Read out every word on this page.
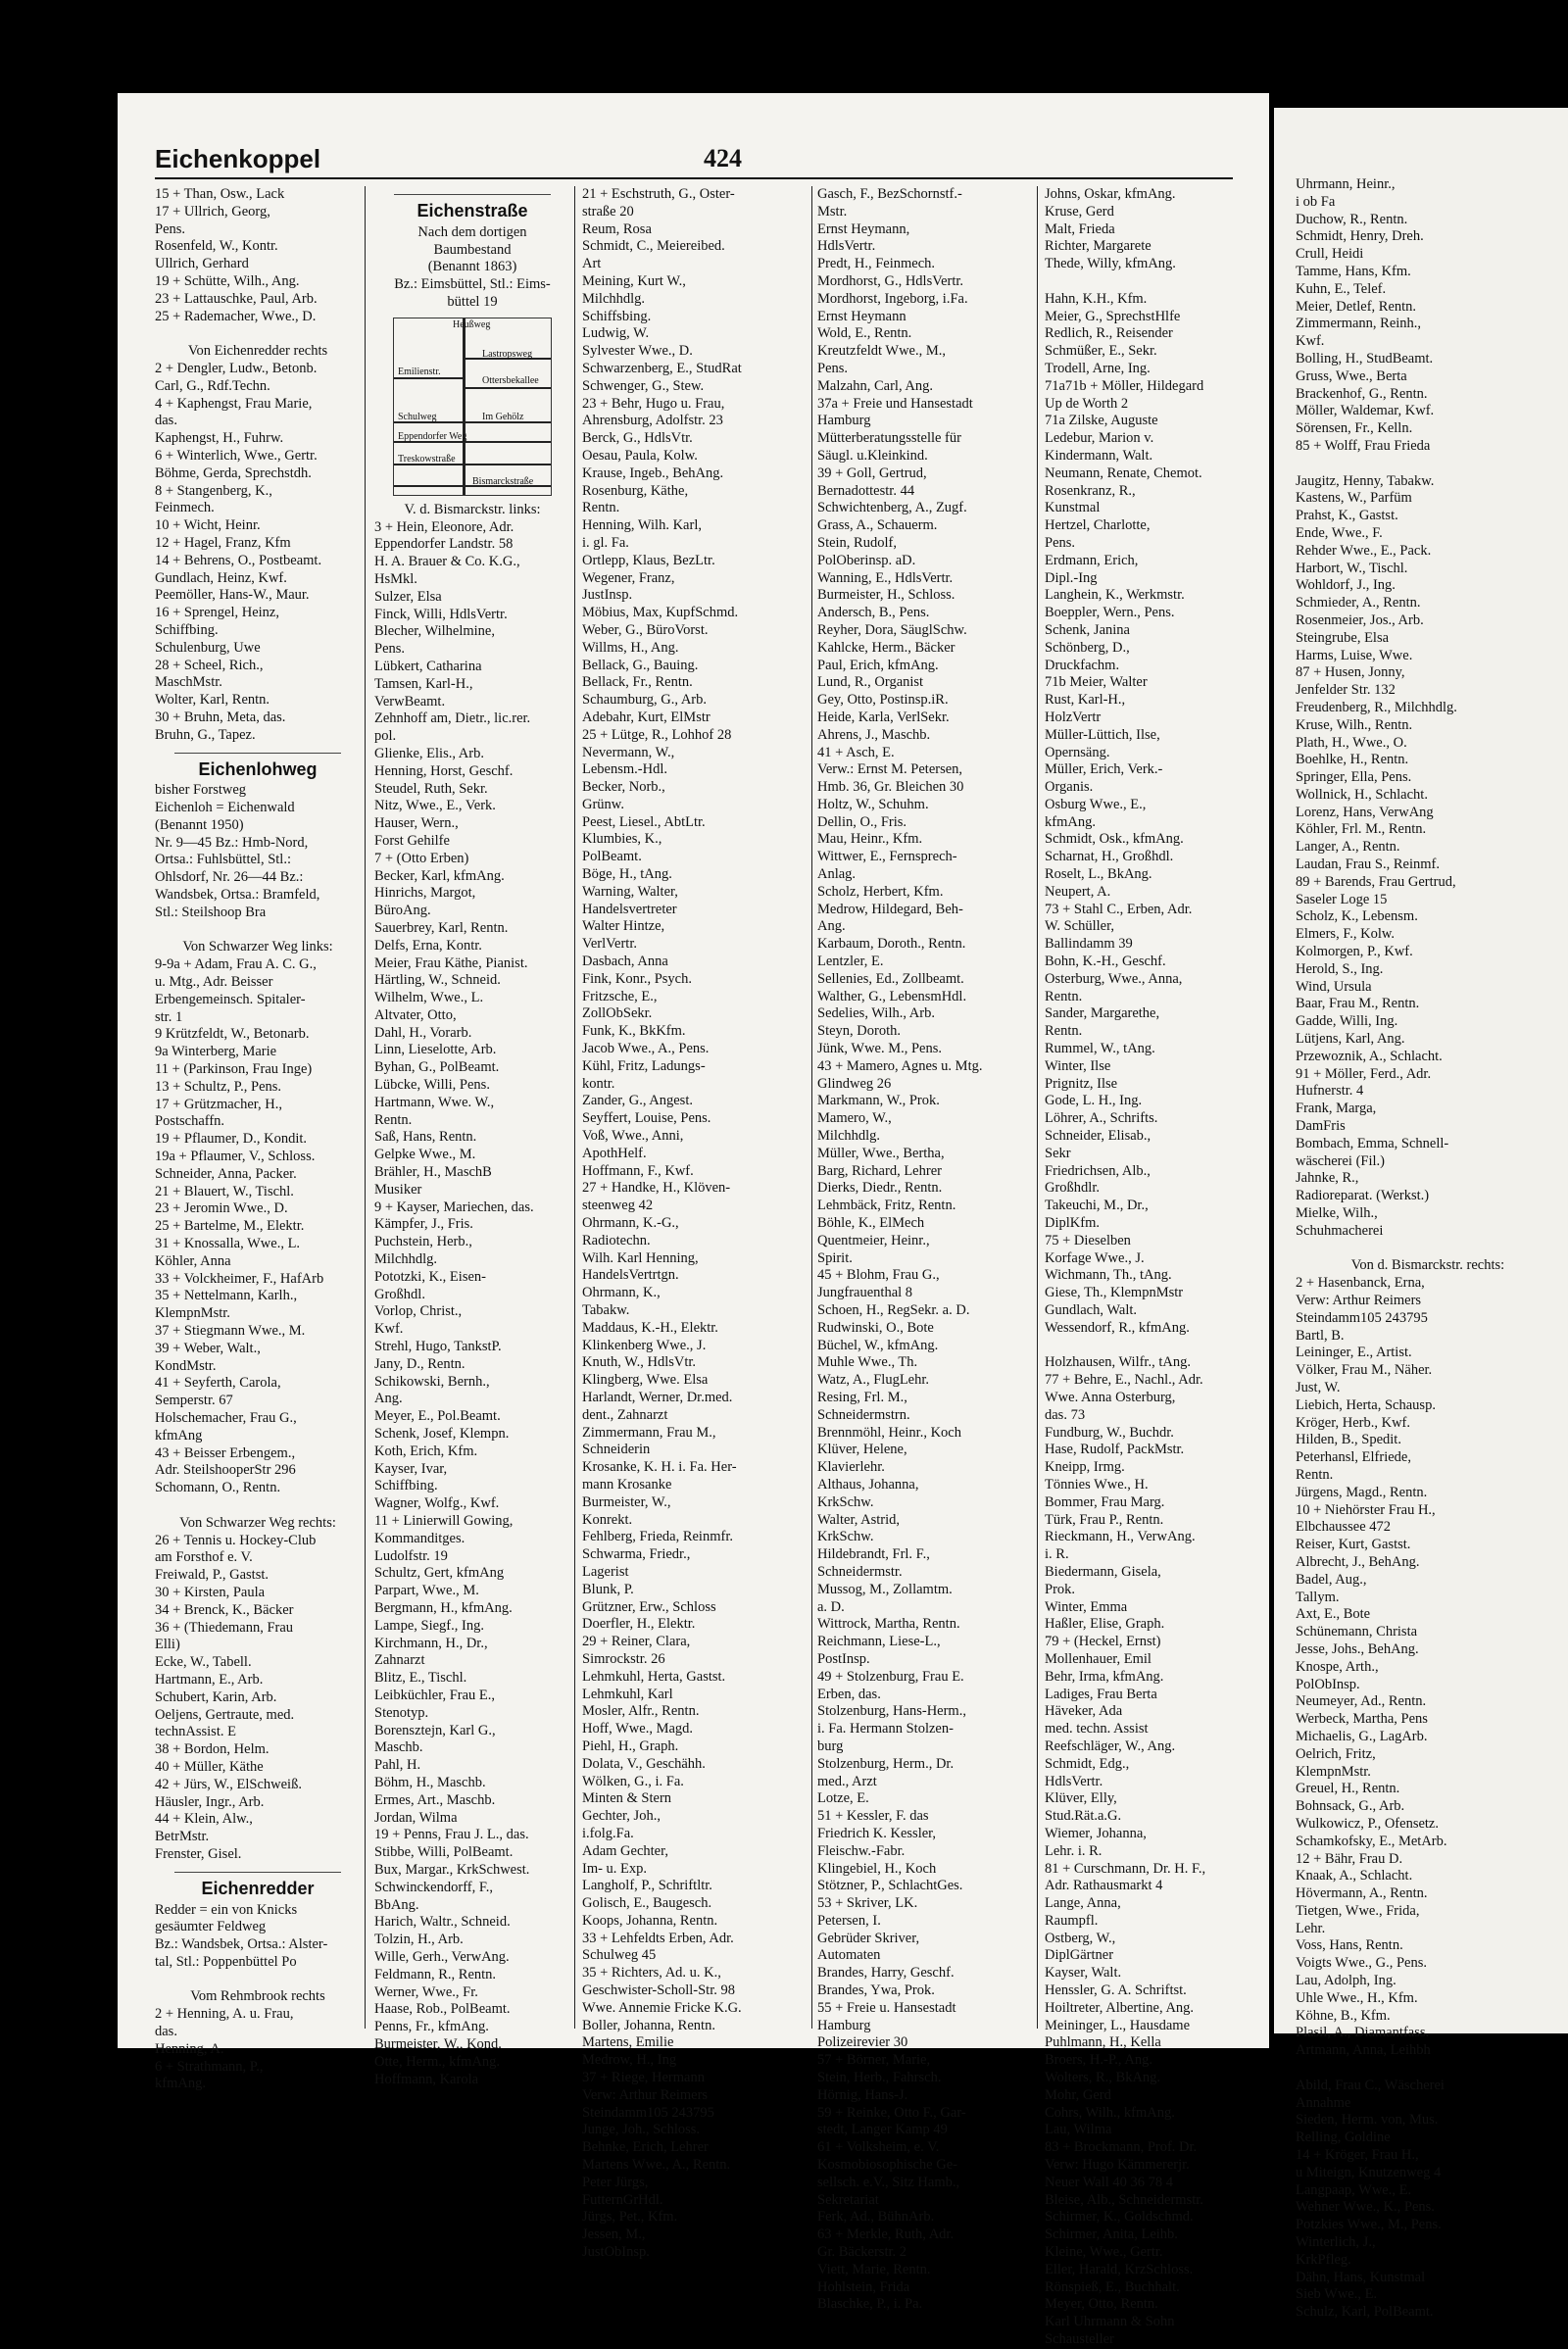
Eichenkoppel	424
15 + Than, Osw., Lack
17 + Ullrich, Georg,
Pens.
Rosenfeld, W., Kontr.
Ullrich, Gerhard
19 + Schütte, Wilh., Ang.
23 + Lattauschke, Paul, Arb.
25 + Rademacher, Wwe., D.

Von Eichenredder rechts
2 + Dengler, Ludw., Betonb.
Carl, G., Rdf.Techn.
4 + Kaphengst, Frau Marie,
das.
Kaphengst, H., Fuhrw.
6 + Winterlich, Wwe., Gertr.
Böhme, Gerda, Sprechstdh.
8 + Stangenberg, K.,
Feinmech.
10 + Wicht, Heinr.
12 + Hagel, Franz, Kfm
14 + Behrens, O., Postbeamt.
Gundlach, Heinz, Kwf.
Peemöller, Hans-W., Maur.
16 + Sprengel, Heinz,
Schiffbing.
Schulenburg, Uwe
28 + Scheel, Rich.,
MaschMstr.
Wolter, Karl, Rentn.
30 + Bruhn, Meta, das.
Bruhn, G., Tapez.
Eichenlohweg
bisher Forstweg
Eichenloh = Eichenwald
(Benannt 1950)
Nr. 9—45 Bz.: Hmb-Nord,
Ortsa.: Fuhlsbüttel, Stl.:
Ohlsdorf, Nr. 26—44 Bz.:
Wandsbek, Ortsa.: Bramfeld,
Stl.: Steilshoop Bra

Von Schwarzer Weg links:
9-9a + Adam, Frau A. C. G.,
u. Mtg., Adr. Beisser
Erbengemeinsch. Spitaler-
str. 1
9 Krützfeldt, W., Betonarb.
9a Winterberg, Marie
11 + (Parkinson, Frau Inge)
13 + Schultz, P., Pens.
17 + Grützmacher, H.,
Postschaffn.
19 + Pflaumer, D., Kondit.
19a + Pflaumer, V., Schloss.
Schneider, Anna, Packer.
21 + Blauert, W., Tischl.
23 + Jeromin Wwe., D.
25 + Bartelme, M., Elektr.
31 + Knossalla, Wwe., L.
Köhler, Anna
33 + Volckheimer, F., HafArb
35 + Nettelmann, Karlh.,
KlempnMstr.
37 + Stiegmann Wwe., M.
39 + Weber, Walt.,
KondMstr.
41 + Seyferth, Carola,
Semperstr. 67
Holschemacher, Frau G.,
kfmAng
43 + Beisser Erbengem.,
Adr. SteilshooperStr 296
Schomann, O., Rentn.

Von Schwarzer Weg rechts:
26 + Tennis u. Hockey-Club
am Forsthof e. V.
Freiwald, P., Gastst.
30 + Kirsten, Paula
34 + Brenck, K., Bäcker
36 + (Thiedemann, Frau
Elli)
Ecke, W., Tabell.
Hartmann, E., Arb.
Schubert, Karin, Arb.
Oeljens, Gertraute, med.
technAssist. E
38 + Bordon, Helm.
40 + Müller, Käthe
42 + Jürs, W., ElSchweiß.
Häusler, Ingr., Arb.
44 + Klein, Alw.,
BetrMstr.
Frenster, Gisel.
Eichenredder
Redder = ein von Knicks
gesäumter Feldweg
Bz.: Wandsbek, Ortsa.: Alster-
tal, Stl.: Poppenbüttel Po

Vom Rehmbrook rechts
2 + Henning, A. u. Frau,
das.
Henning, A.
6 + Strathmann, P.,
kfmAng.
Eichenstraße
Nach dem dortigen
Baumbestand
(Benannt 1863)
Bz.: Eimsbüttel, Stl.: Eims-
büttel 19
Heußweg
Lastropsweg
Ottersbekallee
Emilienstr.
Schulweg	Im Gehölz
Eppendorfer Weg
Treskowstraße
Bismarckstraße
V. d. Bismarckstr. links:
3 + Hein, Eleonore, Adr.
Eppendorfer Landstr. 58
H. A. Brauer & Co. K.G.,
HsMkl.
Sulzer, Elsa
Finck, Willi, HdlsVertr.
Blecher, Wilhelmine,
Pens.
Lübkert, Catharina
Tamsen, Karl-H.,
VerwBeamt.
Zehnhoff am, Dietr., lic.rer.
pol.
Glienke, Elis., Arb.
Henning, Horst, Geschf.
Steudel, Ruth, Sekr.
Nitz, Wwe., E., Verk.
Hauser, Wern.,
Forst Gehilfe
7 + (Otto Erben)
Becker, Karl, kfmAng.
Hinrichs, Margot,
BüroAng.
Sauerbrey, Karl, Rentn.
Delfs, Erna, Kontr.
Meier, Frau Käthe, Pianist.
Härtling, W., Schneid.
Wilhelm, Wwe., L.
Altvater, Otto,
Dahl, H., Vorarb.
Linn, Lieselotte, Arb.
Byhan, G., PolBeamt.
Lübcke, Willi, Pens.
Hartmann, Wwe. W.,
Rentn.
Saß, Hans, Rentn.
Gelpke Wwe., M.
Brähler, H., MaschB
Musiker
9 + Kayser, Mariechen, das.
Kämpfer, J., Fris.
Puchstein, Herb.,
Milchhdlg.
Pototzki, K., Eisen-
Großhdl.
Vorlop, Christ.,
Kwf.
Strehl, Hugo, TankstP.
Jany, D., Rentn.
Schikowski, Bernh.,
Ang.
Meyer, E., Pol.Beamt.
Schenk, Josef, Klempn.
Koth, Erich, Kfm.
Kayser, Ivar,
Schiffbing.
Wagner, Wolfg., Kwf.
11 + Linierwill Gowing,
Kommanditges.
Ludolfstr. 19
Schultz, Gert, kfmAng
Parpart, Wwe., M.
Bergmann, H., kfmAng.
Lampe, Siegf., Ing.
Kirchmann, H., Dr.,
Zahnarzt
Blitz, E., Tischl.
Leibküchler, Frau E.,
Stenotyp.
Borensztejn, Karl G.,
Maschb.
Pahl, H.
Böhm, H., Maschb.
Ermes, Art., Maschb.
Jordan, Wilma
19 + Penns, Frau J. L., das.
Stibbe, Willi, PolBeamt.
Bux, Margar., KrkSchwest.
Schwinckendorff, F.,
BbAng.
Harich, Waltr., Schneid.
Tolzin, H., Arb.
Wille, Gerh., VerwAng.
Feldmann, R., Rentn.
Werner, Wwe., Fr.
Haase, Rob., PolBeamt.
Penns, Fr., kfmAng.
Burmeister, W., Kond.
Otte, Herm., kfmAng.
Hoffmann, Karola
21 + Eschstruth, G., Oster-
straße 20
Reum, Rosa
Schmidt, C., Meiereibed.
Art
Meining, Kurt W.,
Milchhdlg.
Schiffsbing.
Ludwig, W.
Sylvester Wwe., D.
Schwarzenberg, E., StudRat
Schwenger, G., Stew.
23 + Behr, Hugo u. Frau,
Ahrensburg, Adolfstr. 23
Berck, G., HdlsVtr.
Oesau, Paula, Kolw.
Krause, Ingeb., BehAng.
Rosenburg, Käthe,
Rentn.
Henning, Wilh. Karl,
i. gl. Fa.
Ortlepp, Klaus, BezLtr.
Wegener, Franz,
JustInsp.
Möbius, Max, KupfSchmd.
Weber, G., BüroVorst.
Willms, H., Ang.
Bellack, G., Bauing.
Bellack, Fr., Rentn.
Schaumburg, G., Arb.
Adebahr, Kurt, ElMstr
25 + Lütge, R., Lohhof 28
Nevermann, W.,
Lebensm.-Hdl.
Becker, Norb.,
Grünw.
Peest, Liesel., AbtLtr.
Klumbies, K.,
PolBeamt.
Böge, H., tAng.
Warning, Walter,
Handelsvertreter
Walter Hintze,
VerlVertr.
Dasbach, Anna
Fink, Konr., Psych.
Fritzsche, E.,
ZollObSekr.
Funk, K., BkKfm.
Jacob Wwe., A., Pens.
Kühl, Fritz, Ladungs-
kontr.
Zander, G., Angest.
Seyffert, Louise, Pens.
Voß, Wwe., Anni,
ApothHelf.
Hoffmann, F., Kwf.
27 + Handke, H., Klöven-
steenweg 42
Ohrmann, K.-G.,
Radiotechn.
Wilh. Karl Henning,
HandelsVertrtgn.
Ohrmann, K.,
Tabakw.
Maddaus, K.-H., Elektr.
Klinkenberg Wwe., J.
Knuth, W., HdlsVtr.
Klingberg, Wwe. Elsa
Harlandt, Werner, Dr.med.
dent., Zahnarzt
Zimmermann, Frau M.,
Schneiderin
Krosanke, K. H. i. Fa. Her-
mann Krosanke
Burmeister, W.,
Konrekt.
Fehlberg, Frieda, Reinmfr.
Schwarma, Friedr.,
Lagerist
Blunk, P.
Grützner, Erw., Schloss
Doerfler, H., Elektr.
29 + Reiner, Clara,
Simrockstr. 26
Lehmkuhl, Herta, Gastst.
Lehmkuhl, Karl
Mosler, Alfr., Rentn.
Hoff, Wwe., Magd.
Piehl, H., Graph.
Dolata, V., Geschähh.
Wölken, G., i. Fa.
Minten & Stern
Gechter, Joh.,
i.folg.Fa.
Adam Gechter,
Im- u. Exp.
Langholf, P., Schriftltr.
Golisch, E., Baugesch.
Koops, Johanna, Rentn.
33 + Lehfeldts Erben, Adr.
Schulweg 45
35 + Richters, Ad. u. K.,
Geschwister-Scholl-Str. 98
Wwe. Annemie Fricke K.G.
Boller, Johanna, Rentn.
Martens, Emilie
Medrow, H., Ing
37 + Riege, Hermann
Verw: Arthur Reimers
Steindamm105 243795
Junge, Joh., Schloss.
Behnke, Erich, Lehrer
Martens Wwe., A., Rentn.
Peter Jürgs,
FutternGrHdl.
Jürgs, Pet., Kfm.
Jessen, M.,
JustObInsp.
Gasch, F., BezSchornstf.-
Mstr.
Ernst Heymann,
HdlsVertr.
Predt, H., Feinmech.
Mordhorst, G., HdlsVertr.
Mordhorst, Ingeborg, i.Fa.
Ernst Heymann
Wold, E., Rentn.
Kreutzfeldt Wwe., M.,
Pens.
Malzahn, Carl, Ang.
37a + Freie und Hansestadt
Hamburg
Mütterberatungsstelle für
Säugl. u.Kleinkind.
39 + Goll, Gertrud,
Bernadottestr. 44
Schwichtenberg, A., Zugf.
Grass, A., Schauerm.
Stein, Rudolf,
PolOberinsp. aD.
Wanning, E., HdlsVertr.
Burmeister, H., Schloss.
Andersch, B., Pens.
Reyher, Dora, SäuglSchw.
Kahlcke, Herm., Bäcker
Paul, Erich, kfmAng.
Lund, R., Organist
Gey, Otto, Postinsp.iR.
Heide, Karla, VerlSekr.
Ahrens, J., Maschb.
41 + Asch, E.
Verw.: Ernst M. Petersen,
Hmb. 36, Gr. Bleichen 30
Holtz, W., Schuhm.
Dellin, O., Fris.
Mau, Heinr., Kfm.
Wittwer, E., Fernsprech-
Anlag.
Scholz, Herbert, Kfm.
Medrow, Hildegard, Beh-
Ang.
Karbaum, Doroth., Rentn.
Lentzler, E.
Sellenies, Ed., Zollbeamt.
Walther, G., LebensmHdl.
Sedelies, Wilh., Arb.
Steyn, Doroth.
Jünk, Wwe. M., Pens.
43 + Mamero, Agnes u. Mtg.
Glindweg 26
Markmann, W., Prok.
Mamero, W.,
Milchhdlg.
Müller, Wwe., Bertha,
Barg, Richard, Lehrer
Dierks, Diedr., Rentn.
Lehmbäck, Fritz, Rentn.
Böhle, K., ElMech
Quentmeier, Heinr.,
Spirit.
45 + Blohm, Frau G.,
Jungfrauenthal 8
Schoen, H., RegSekr. a. D.
Rudwinski, O., Bote
Büchel, W., kfmAng.
Muhle Wwe., Th.
Watz, A., FlugLehr.
Resing, Frl. M.,
Schneidermstrn.
Brennmöhl, Heinr., Koch
Klüver, Helene,
Klavierlehr.
Althaus, Johanna,
KrkSchw.
Walter, Astrid,
KrkSchw.
Hildebrandt, Frl. F.,
Schneidermstr.
Mussog, M., Zollamtm.
a. D.
Wittrock, Martha, Rentn.
Reichmann, Liese-L.,
PostInsp.
49 + Stolzenburg, Frau E.
Erben, das.
Stolzenburg, Hans-Herm.,
i. Fa. Hermann Stolzen-
burg
Stolzenburg, Herm., Dr.
med., Arzt
Lotze, E.
51 + Kessler, F. das
Friedrich K. Kessler,
Fleischw.-Fabr.
Klingebiel, H., Koch
Stötzner, P., SchlachtGes.
53 + Skriver, LK.
Petersen, I.
Gebrüder Skriver,
Automaten
Brandes, Harry, Geschf.
Brandes, Ywa, Prok.
55 + Freie u. Hansestadt
Hamburg
Polizeirevier 30
57 + Börner, Marie,
Stein, Herb., Fahrsch.
Hörnig, Hans-J.
59 + Reinke, Otto F., Gar-
stedt, Langer Kamp 49
61 + Volksheim, e. V.
Kosmobiosophische Ge-
sellsch. e.V., Sitz Hamb.,
Sekretariat
Ferk, Ad., BühnArb.
63 + Merkle, Ruth, Adr.
Gr. Bäckerstr. 2
Viett, Marie, Rentn.
Hohlstein, Frida
Blaschke, P., i. Pa.
Johns, Oskar, kfmAng.
Kruse, Gerd
Malt, Frieda
Richter, Margarete
Thede, Willy, kfmAng.

Hahn, K.H., Kfm.
Meier, G., SprechstHlfe
Redlich, R., Reisender
Schmüßer, E., Sekr.
Trodell, Arne, Ing.
71a71b + Möller, Hildegard
Up de Worth 2
71a Zilske, Auguste
Ledebur, Marion v.
Kindermann, Walt.
Neumann, Renate, Chemot.
Rosenkranz, R.,
Kunstmal
Hertzel, Charlotte,
Pens.
Erdmann, Erich,
Dipl.-Ing
Langhein, K., Werkmstr.
Boeppler, Wern., Pens.
Schenk, Janina
Schönberg, D.,
Druckfachm.
71b Meier, Walter
Rust, Karl-H.,
HolzVertr
Müller-Lüttich, Ilse,
Opernsäng.
Müller, Erich, Verk.-
Organis.
Osburg Wwe., E.,
kfmAng.
Schmidt, Osk., kfmAng.
Scharnat, H., Großhdl.
Roselt, L., BkAng.
Neupert, A.
73 + Stahl C., Erben, Adr.
W. Schüller,
Ballindamm 39
Bohn, K.-H., Geschf.
Osterburg, Wwe., Anna,
Rentn.
Sander, Margarethe,
Rentn.
Rummel, W., tAng.
Winter, Ilse
Prignitz, Ilse
Gode, L. H., Ing.
Löhrer, A., Schrifts.
Schneider, Elisab.,
Sekr
Friedrichsen, Alb.,
Großhdlr.
Takeuchi, M., Dr.,
DiplKfm.
75 + Dieselben
Korfage Wwe., J.
Wichmann, Th., tAng.
Giese, Th., KlempnMstr
Gundlach, Walt.
Wessendorf, R., kfmAng.

Holzhausen, Wilfr., tAng.
77 + Behre, E., Nachl., Adr.
Wwe. Anna Osterburg,
das. 73
Fundburg, W., Buchdr.
Hase, Rudolf, PackMstr.
Kneipp, Irmg.
Tönnies Wwe., H.
Bommer, Frau Marg.
Türk, Frau P., Rentn.
Rieckmann, H., VerwAng.
i. R.
Biedermann, Gisela,
Prok.
Winter, Emma
Haßler, Elise, Graph.
79 + (Heckel, Ernst)
Mollenhauer, Emil
Behr, Irma, kfmAng.
Ladiges, Frau Berta
Häveker, Ada
med. techn. Assist
Reefschläger, W., Ang.
Schmidt, Edg.,
HdlsVertr.
Klüver, Elly,
Stud.Rät.a.G.
Wiemer, Johanna,
Lehr. i. R.
81 + Curschmann, Dr. H. F.,
Adr. Rathausmarkt 4
Lange, Anna,
Raumpfl.
Ostberg, W.,
DiplGärtner
Kayser, Walt.
Henssler, G. A. Schriftst.
Hoiltreter, Albertine, Ang.
Meininger, L., Hausdame
Puhlmann, H., Kella
Broers, H.-P., Ang.
Wolters, R., BkAng.
Mohr, Gerd
Cohrs, Wilh., kfmAng.
Lau, Wilma
83 + Brockmann, Prof. Dr.
Verw: Hugo Kämmererjr.
Neuer Wall 40 36 78 4
Bleise, Alb., Schneidermstr.
Schirmer, K., Goldschmd.
Schirmer, Anita, Leihb.
Kleine, Wwe., Gertr.
Eller, Harald, KrzSchloss.
Rönspieß, E., Buchhalt.
Meyer, Otto, Rentn.
Karl Uhrmann & Sohn
Schausteller
Uhrmann, Heinr.,
i ob Fa
Duchow, R., Rentn.
Schmidt, Henry, Dreh.
Crull, Heidi
Tamme, Hans, Kfm.
Kuhn, E., Telef.
Meier, Detlef, Rentn.
Zimmermann, Reinh.,
Kwf.
Bolling, H., StudBeamt.
Gruss, Wwe., Berta
Brackenhof, G., Rentn.
Möller, Waldemar, Kwf.
Sörensen, Fr., Kelln.
85 + Wolff, Frau Frieda

Jaugitz, Henny, Tabakw.
Kastens, W., Parfüm
Prahst, K., Gastst.
Ende, Wwe., F.
Rehder Wwe., E., Pack.
Harbort, W., Tischl.
Wohldorf, J., Ing.
Schmieder, A., Rentn.
Rosenmeier, Jos., Arb.
Steingrube, Elsa
Harms, Luise, Wwe.
87 + Husen, Jonny,
Jenfelder Str. 132
Freudenberg, R., Milchhdlg.
Kruse, Wilh., Rentn.
Plath, H., Wwe., O.
Boehlke, H., Rentn.
Springer, Ella, Pens.
Wollnick, H., Schlacht.
Lorenz, Hans, VerwAng
Köhler, Frl. M., Rentn.
Langer, A., Rentn.
Laudan, Frau S., Reinmf.
89 + Barends, Frau Gertrud,
Saseler Loge 15
Scholz, K., Lebensm.
Elmers, F., Kolw.
Kolmorgen, P., Kwf.
Herold, S., Ing.
Wind, Ursula
Baar, Frau M., Rentn.
Gadde, Willi, Ing.
Lütjens, Karl, Ang.
Przewoznik, A., Schlacht.
91 + Möller, Ferd., Adr.
Hufnerstr. 4
Frank, Marga,
DamFris
Bombach, Emma, Schnell-
wäscherei (Fil.)
Jahnke, R.,
Radioreparat. (Werkst.)
Mielke, Wilh.,
Schuhmacherei

Von d. Bismarckstr. rechts:
2 + Hasenbanck, Erna,
Verw: Arthur Reimers
Steindamm105 243795
Bartl, B.
Leininger, E., Artist.
Völker, Frau M., Näher.
Just, W.
Liebich, Herta, Schausp.
Kröger, Herb., Kwf.
Hilden, B., Spedit.
Peterhansl, Elfriede,
Rentn.
Jürgens, Magd., Rentn.
10 + Niehörster Frau H.,
Elbchaussee 472
Reiser, Kurt, Gastst.
Albrecht, J., BehAng.
Badel, Aug.,
Tallym.
Axt, E., Bote
Schünemann, Christa
Jesse, Johs., BehAng.
Knospe, Arth.,
PolObInsp.
Neumeyer, Ad., Rentn.
Werbeck, Martha, Pens
Michaelis, G., LagArb.
Oelrich, Fritz,
KlempnMstr.
Greuel, H., Rentn.
Bohnsack, G., Arb.
Wulkowicz, P., Ofensetz.
Schamkofsky, E., MetArb.
12 + Bähr, Frau D.
Knaak, A., Schlacht.
Hövermann, A., Rentn.
Tietgen, Wwe., Frida,
Lehr.
Voss, Hans, Rentn.
Voigts Wwe., G., Pens.
Lau, Adolph, Ing.
Uhle Wwe., H., Kfm.
Köhne, B., Kfm.
Plasil, A., Diamantfass.
Artmann, Anna, Leihbh

Abild, Frau C., Wäscherei
Annahme
Sieden, Herm. von, Mus.
Relling, Goldine
14 + Kröger, Frau H.,
u Miteign, Knutzenweg 4
Langpaap, Wwe., E.
Wehner Wwe., K., Pens.
Potzkies Wwe., M., Pens.
Winterlich, J.,
KrkPfleg.
Dähn, Hans, Kunstmal
Sieb Wwe., E.
Schulz, Karl, PolBeamt.
